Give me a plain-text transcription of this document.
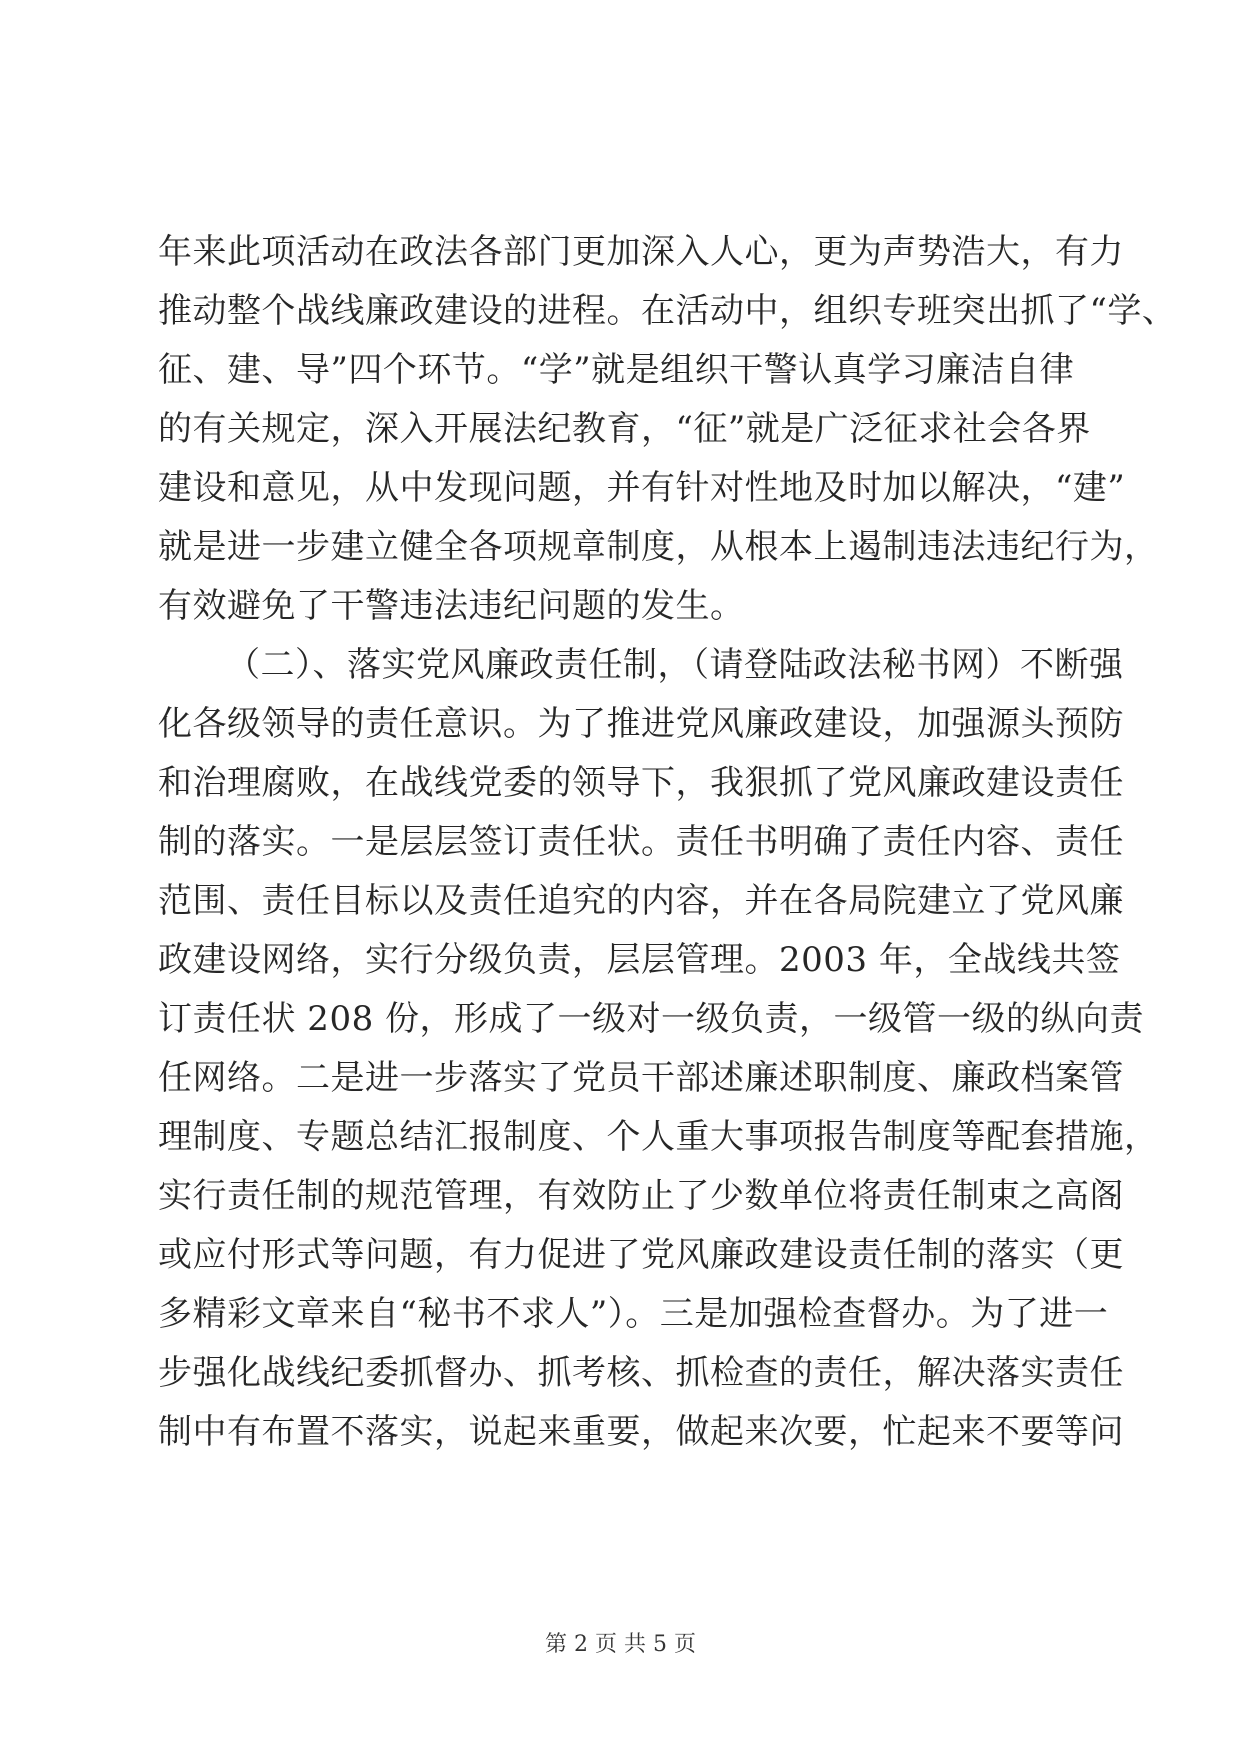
年来此项活动在政法各部门更加深入人心，更为声势浩大，有力
推动整个战线廉政建设的进程。在活动中，组织专班突出抓了“学、
征、建、导”四个环节。“学”就是组织干警认真学习廉洁自律
的有关规定，深入开展法纪教育，“征”就是广泛征求社会各界
建设和意见，从中发现问题，并有针对性地及时加以解决，“建”
就是进一步建立健全各项规章制度，从根本上遏制违法违纪行为，
有效避免了干警违法违纪问题的发生。
（二）、落实党风廉政责任制，（请登陆政法秘书网）不断强
化各级领导的责任意识。为了推进党风廉政建设，加强源头预防
和治理腐败，在战线党委的领导下，我狠抓了党风廉政建设责任
制的落实。一是层层签订责任状。责任书明确了责任内容、责任
范围、责任目标以及责任追究的内容，并在各局院建立了党风廉
政建设网络，实行分级负责，层层管理。2003 年，全战线共签
订责任状 208 份，形成了一级对一级负责，一级管一级的纵向责
任网络。二是进一步落实了党员干部述廉述职制度、廉政档案管
理制度、专题总结汇报制度、个人重大事项报告制度等配套措施，
实行责任制的规范管理，有效防止了少数单位将责任制束之高阁
或应付形式等问题，有力促进了党风廉政建设责任制的落实（更
多精彩文章来自“秘书不求人”）。三是加强检查督办。为了进一
步强化战线纪委抓督办、抓考核、抓检查的责任，解决落实责任
制中有布置不落实，说起来重要，做起来次要，忙起来不要等问
第 2 页 共 5 页
